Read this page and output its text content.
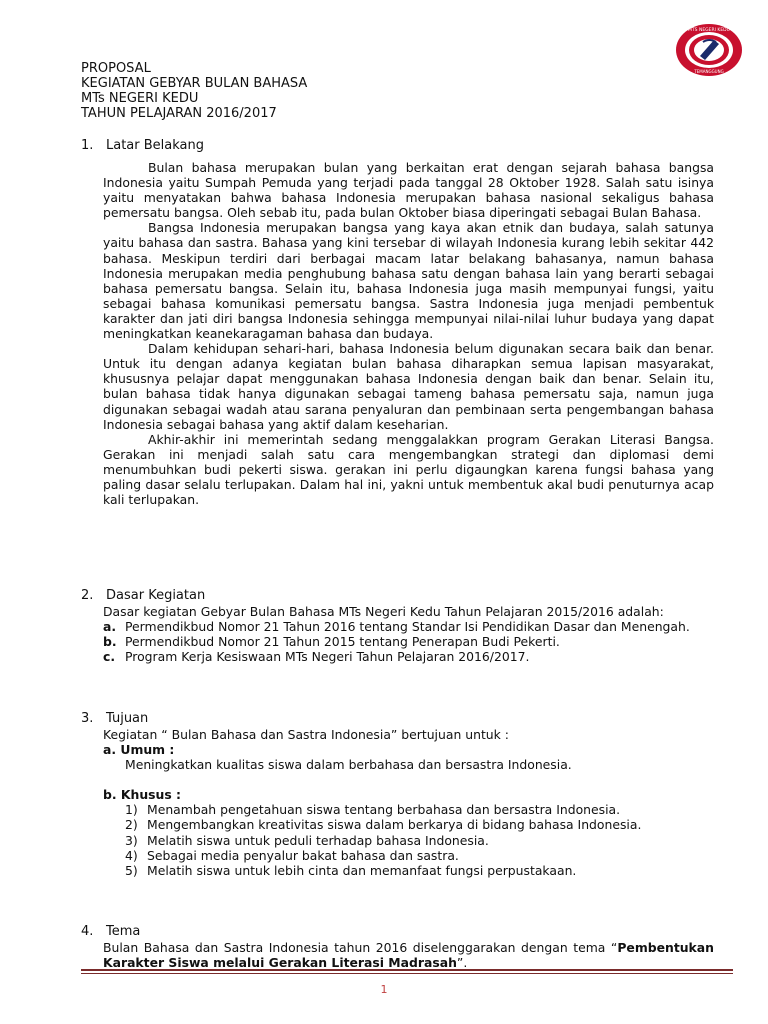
MTS NEGERI KEDU
TEMANGGUNG
PROPOSAL
KEGIATAN GEBYAR BULAN BAHASA
MTs NEGERI KEDU
TAHUN PELAJARAN 2016/2017
1. Latar Belakang

Bulan bahasa merupakan bulan yang berkaitan erat dengan sejarah bahasa bangsa Indonesia yaitu Sumpah Pemuda yang terjadi pada tanggal 28 Oktober 1928. Salah satu isinya yaitu menyatakan bahwa bahasa Indonesia merupakan bahasa nasional sekaligus bahasa pemersatu bangsa. Oleh sebab itu, pada bulan Oktober biasa diperingati sebagai Bulan Bahasa.

Bangsa Indonesia merupakan bangsa yang kaya akan etnik dan budaya, salah satunya yaitu bahasa dan sastra. Bahasa yang kini tersebar di wilayah Indonesia kurang lebih sekitar 442 bahasa. Meskipun terdiri dari berbagai macam latar belakang bahasanya, namun bahasa Indonesia merupakan media penghubung bahasa satu dengan bahasa lain yang berarti sebagai bahasa pemersatu bangsa. Selain itu, bahasa Indonesia juga masih mempunyai fungsi, yaitu sebagai bahasa komunikasi pemersatu bangsa. Sastra Indonesia juga menjadi pembentuk karakter dan jati diri bangsa Indonesia sehingga mempunyai nilai-nilai luhur budaya yang dapat meningkatkan keanekaragaman bahasa dan budaya.

Dalam kehidupan sehari-hari, bahasa Indonesia belum digunakan secara baik dan benar. Untuk itu dengan adanya kegiatan bulan bahasa diharapkan semua lapisan masyarakat, khususnya pelajar dapat menggunakan bahasa Indonesia dengan baik dan benar. Selain itu, bulan bahasa tidak hanya digunakan sebagai tameng bahasa pemersatu saja, namun juga digunakan sebagai wadah atau sarana penyaluran dan pembinaan serta pengembangan bahasa Indonesia sebagai bahasa yang aktif dalam keseharian.

Akhir-akhir ini memerintah sedang menggalakkan program Gerakan Literasi Bangsa. Gerakan ini menjadi salah satu cara mengembangkan strategi dan diplomasi demi menumbuhkan budi pekerti siswa. gerakan ini perlu digaungkan karena fungsi bahasa yang paling dasar selalu terlupakan. Dalam hal ini, yakni untuk membentuk akal budi penuturnya acap kali terlupakan.

2. Dasar Kegiatan
Dasar kegiatan Gebyar Bulan Bahasa MTs Negeri Kedu Tahun Pelajaran 2015/2016 adalah:
a. Permendikbud Nomor 21 Tahun 2016 tentang Standar Isi Pendidikan Dasar dan Menengah.
b. Permendikbud Nomor 21 Tahun 2015 tentang Penerapan Budi Pekerti.
c. Program Kerja Kesiswaan MTs Negeri Tahun Pelajaran 2016/2017.
3. Tujuan
Kegiatan “ Bulan Bahasa dan Sastra Indonesia” bertujuan untuk :
a. Umum :
Meningkatkan kualitas siswa dalam berbahasa dan bersastra Indonesia.
b. Khusus :
1) Menambah pengetahuan siswa tentang berbahasa dan bersastra Indonesia.
2) Mengembangkan kreativitas siswa dalam berkarya di bidang bahasa Indonesia.
3) Melatih siswa untuk peduli terhadap bahasa Indonesia.
4) Sebagai media penyalur bakat bahasa dan sastra.
5) Melatih siswa untuk lebih cinta dan memanfaat fungsi perpustakaan.
4. Tema
Bulan Bahasa dan Sastra Indonesia tahun 2016 diselenggarakan dengan tema “Pembentukan Karakter Siswa melalui Gerakan Literasi Madrasah”.
1
